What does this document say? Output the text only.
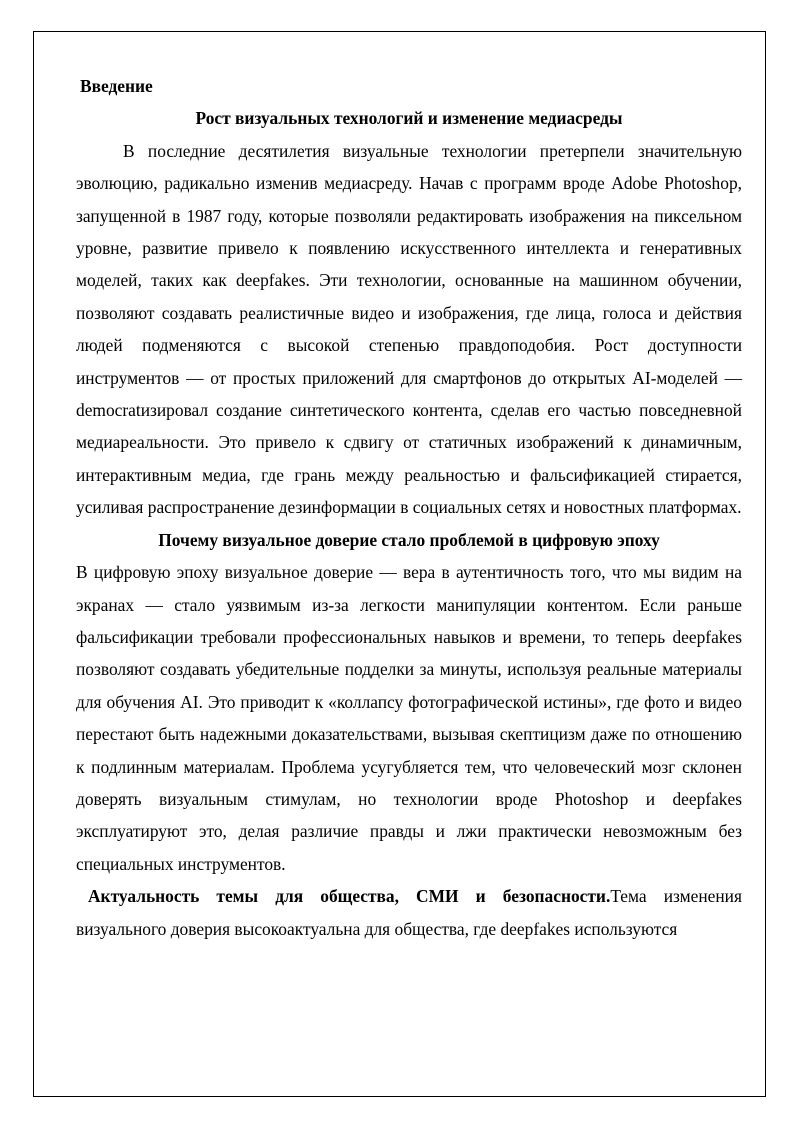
Введение
Рост визуальных технологий и изменение медиасреды

В последние десятилетия визуальные технологии претерпели значительную эволюцию, радикально изменив медиасреду. Начав с программ вроде Adobe Photoshop, запущенной в 1987 году, которые позволяли редактировать изображения на пиксельном уровне, развитие привело к появлению искусственного интеллекта и генеративных моделей, таких как deepfakes. Эти технологии, основанные на машинном обучении, позволяют создавать реалистичные видео и изображения, где лица, голоса и действия людей подменяются с высокой степенью правдоподобия. Рост доступности инструментов — от простых приложений для смартфонов до открытых AI-моделей — democratизировал создание синтетического контента, сделав его частью повседневной медиареальности. Это привело к сдвигу от статичных изображений к динамичным, интерактивным медиа, где грань между реальностью и фальсификацией стирается, усиливая распространение дезинформации в социальных сетях и новостных платформах.

Почему визуальное доверие стало проблемой в цифровую эпоху

В цифровую эпоху визуальное доверие — вера в аутентичность того, что мы видим на экранах — стало уязвимым из-за легкости манипуляции контентом. Если раньше фальсификации требовали профессиональных навыков и времени, то теперь deepfakes позволяют создавать убедительные подделки за минуты, используя реальные материалы для обучения AI. Это приводит к «коллапсу фотографической истины», где фото и видео перестают быть надежными доказательствами, вызывая скептицизм даже по отношению к подлинным материалам. Проблема усугубляется тем, что человеческий мозг склонен доверять визуальным стимулам, но технологии вроде Photoshop и deepfakes эксплуатируют это, делая различие правды и лжи практически невозможным без специальных инструментов.

Актуальность темы для общества, СМИ и безопасности.Тема изменения визуального доверия высокоактуальна для общества, где deepfakes используются
